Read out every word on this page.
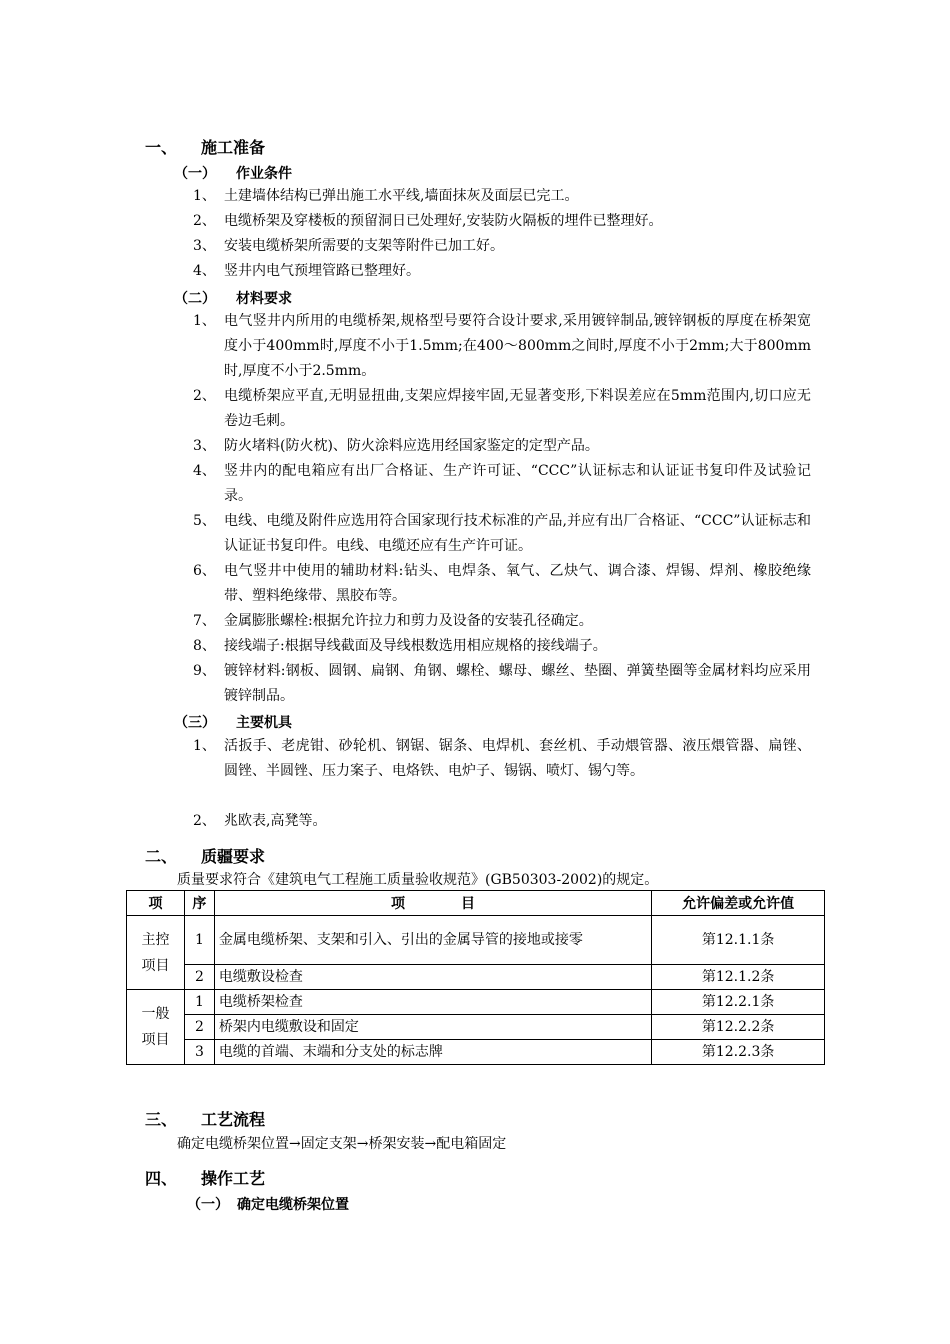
一、 施工准备
（一） 作业条件
1、 土建墙体结构已弹出施工水平线,墙面抹灰及面层已完工。
2、 电缆桥架及穿楼板的预留洞日已处理好,安装防火隔板的埋件已整理好。
3、 安装电缆桥架所需要的支架等附件已加工好。
4、 竖井内电气预埋管路已整理好。
（二） 材料要求
1、 电气竖井内所用的电缆桥架,规格型号要符合设计要求,采用镀锌制品,镀锌钢板的厚度在桥架宽度小于400mm时,厚度不小于1.5mm;在400～800mm之间时,厚度不小于2mm;大于800mm时,厚度不小于2.5mm。
2、 电缆桥架应平直,无明显扭曲,支架应焊接牢固,无显著变形,下料误差应在5mm范围内,切口应无卷边毛刺。
3、 防火堵料(防火枕)、防火涂料应选用经国家鉴定的定型产品。
4、 竖井内的配电箱应有出厂合格证、生产许可证、“CCC”认证标志和认证证书复印件及试验记录。
5、 电线、电缆及附件应选用符合国家现行技术标准的产品,并应有出厂合格证、“CCC”认证标志和认证证书复印件。电线、电缆还应有生产许可证。
6、 电气竖井中使用的辅助材料:钻头、电焊条、氧气、乙炔气、调合漆、焊锡、焊剂、橡胶绝缘带、塑料绝缘带、黑胶布等。
7、 金属膨胀螺栓:根据允许拉力和剪力及设备的安装孔径确定。
8、 接线端子:根据导线截面及导线根数选用相应规格的接线端子。
9、 镀锌材料:钢板、圆钢、扁钢、角钢、螺栓、螺母、螺丝、垫圈、弹簧垫圈等金属材料均应采用镀锌制品。
（三） 主要机具
1、 活扳手、老虎钳、砂轮机、钢锯、锯条、电焊机、套丝机、手动煨管器、液压煨管器、扁锉、圆锉、半圆锉、压力案子、电烙铁、电炉子、锡锅、喷灯、锡勺等。
2、 兆欧表,高凳等。
二、 质疆要求
质量要求符合《建筑电气工程施工质量验收规范》(GB50303-2002)的规定。
项	序	项　　　　目	允许偏差或允许值
主控
项目	1	金属电缆桥架、支架和引入、引出的金属导管的接地或接零	第12.1.1条
	2	电缆敷设检查	第12.1.2条
一般
项目	1	电缆桥架检查	第12.2.1条
	2	桥架内电缆敷设和固定	第12.2.2条
	3	电缆的首端、末端和分支处的标志牌	第12.2.3条
三、 工艺流程
确定电缆桥架位置→固定支架→桥架安装→配电箱固定
四、 操作工艺
（一） 确定电缆桥架位置
